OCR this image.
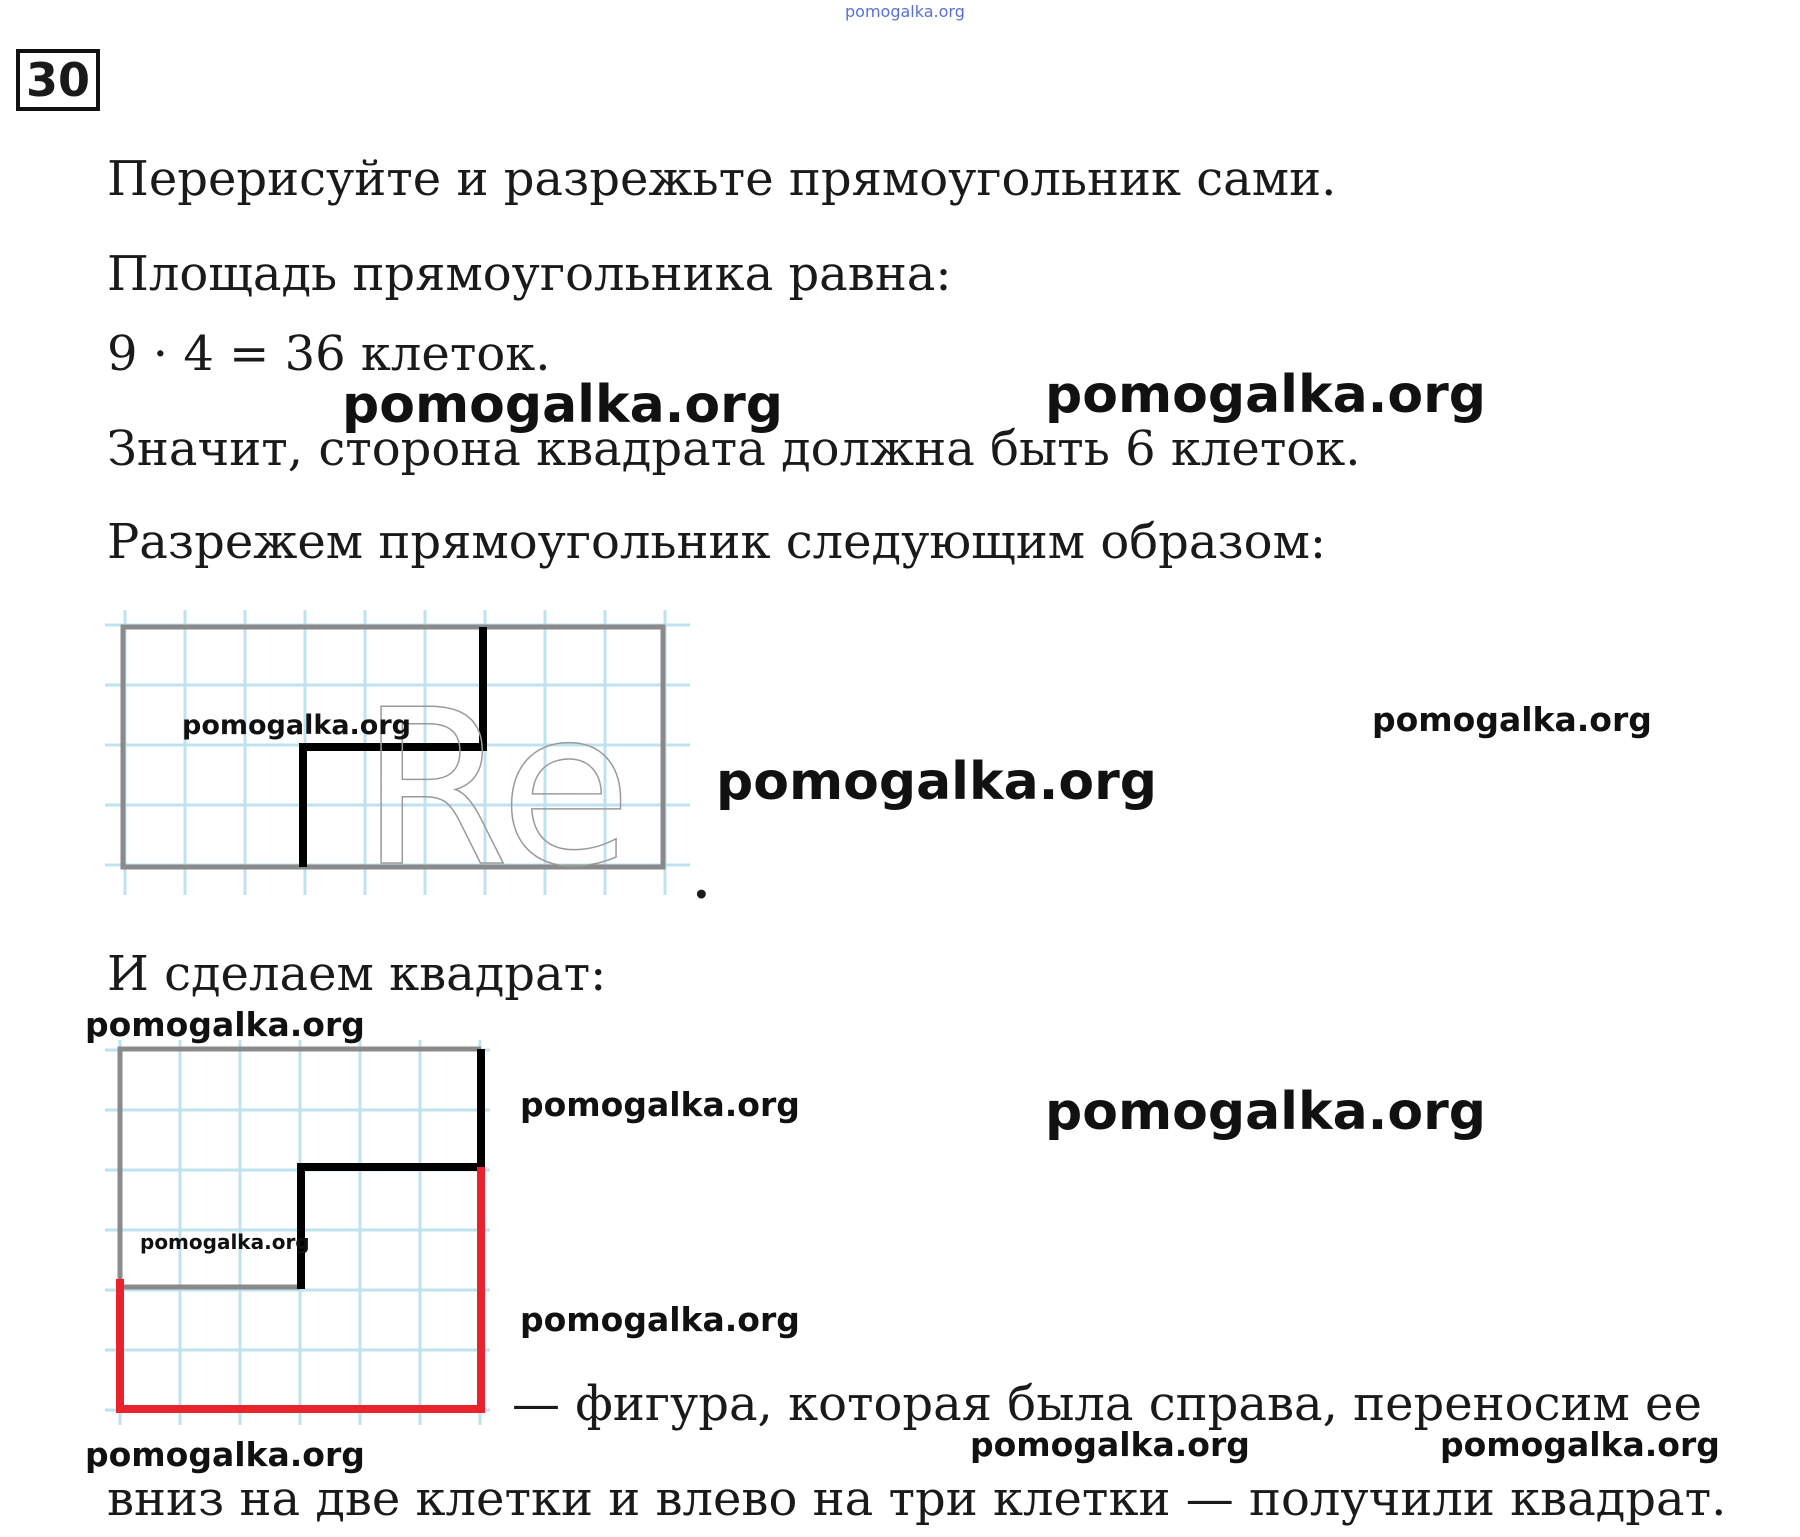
pomogalka.org
30
Перерисуйте и разрежьте прямоугольник сами.
Площадь прямоугольника равна:
9 · 4 = 36 клеток.
Значит, сторона квадрата должна быть 6 клеток.
Разрежем прямоугольник следующим образом:
Re .
И сделаем квадрат:
— фигура, которая была справа, переносим ее
вниз на две клетки и влево на три клетки — получили квадрат.
pomogalka.org	pomogalka.org
pomogalka.org	pomogalka.org
pomogalka.org
pomogalka.org
pomogalka.org	pomogalka.org
pomogalka.org
pomogalka.org
pomogalka.org	pomogalka.org	pomogalka.org
